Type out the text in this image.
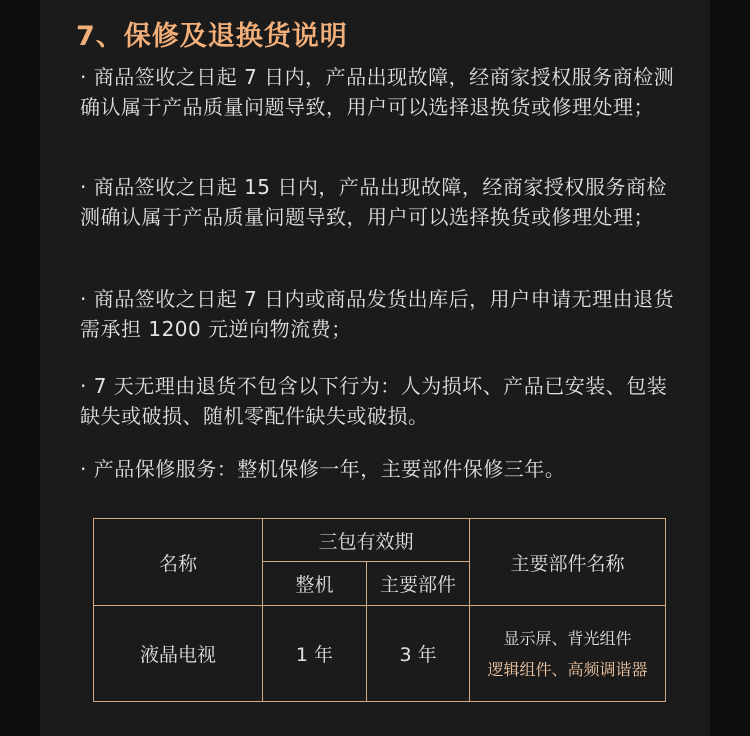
7、保修及退换货说明
· 商品签收之日起 7 日内，产品出现故障，经商家授权服务商检测确认属于产品质量问题导致，用户可以选择退换货或修理处理；
· 商品签收之日起 15 日内，产品出现故障，经商家授权服务商检测确认属于产品质量问题导致，用户可以选择换货或修理处理；
· 商品签收之日起 7 日内或商品发货出库后，用户申请无理由退货需承担 1200 元逆向物流费；
· 7 天无理由退货不包含以下行为：人为损坏、产品已安装、包装缺失或破损、随机零配件缺失或破损。
· 产品保修服务：整机保修一年，主要部件保修三年。
名称	三包有效期		主要部件名称
	整机	主要部件	
液晶电视	1 年	3 年	显示屏、背光组件
逻辑组件、高频调谐器
